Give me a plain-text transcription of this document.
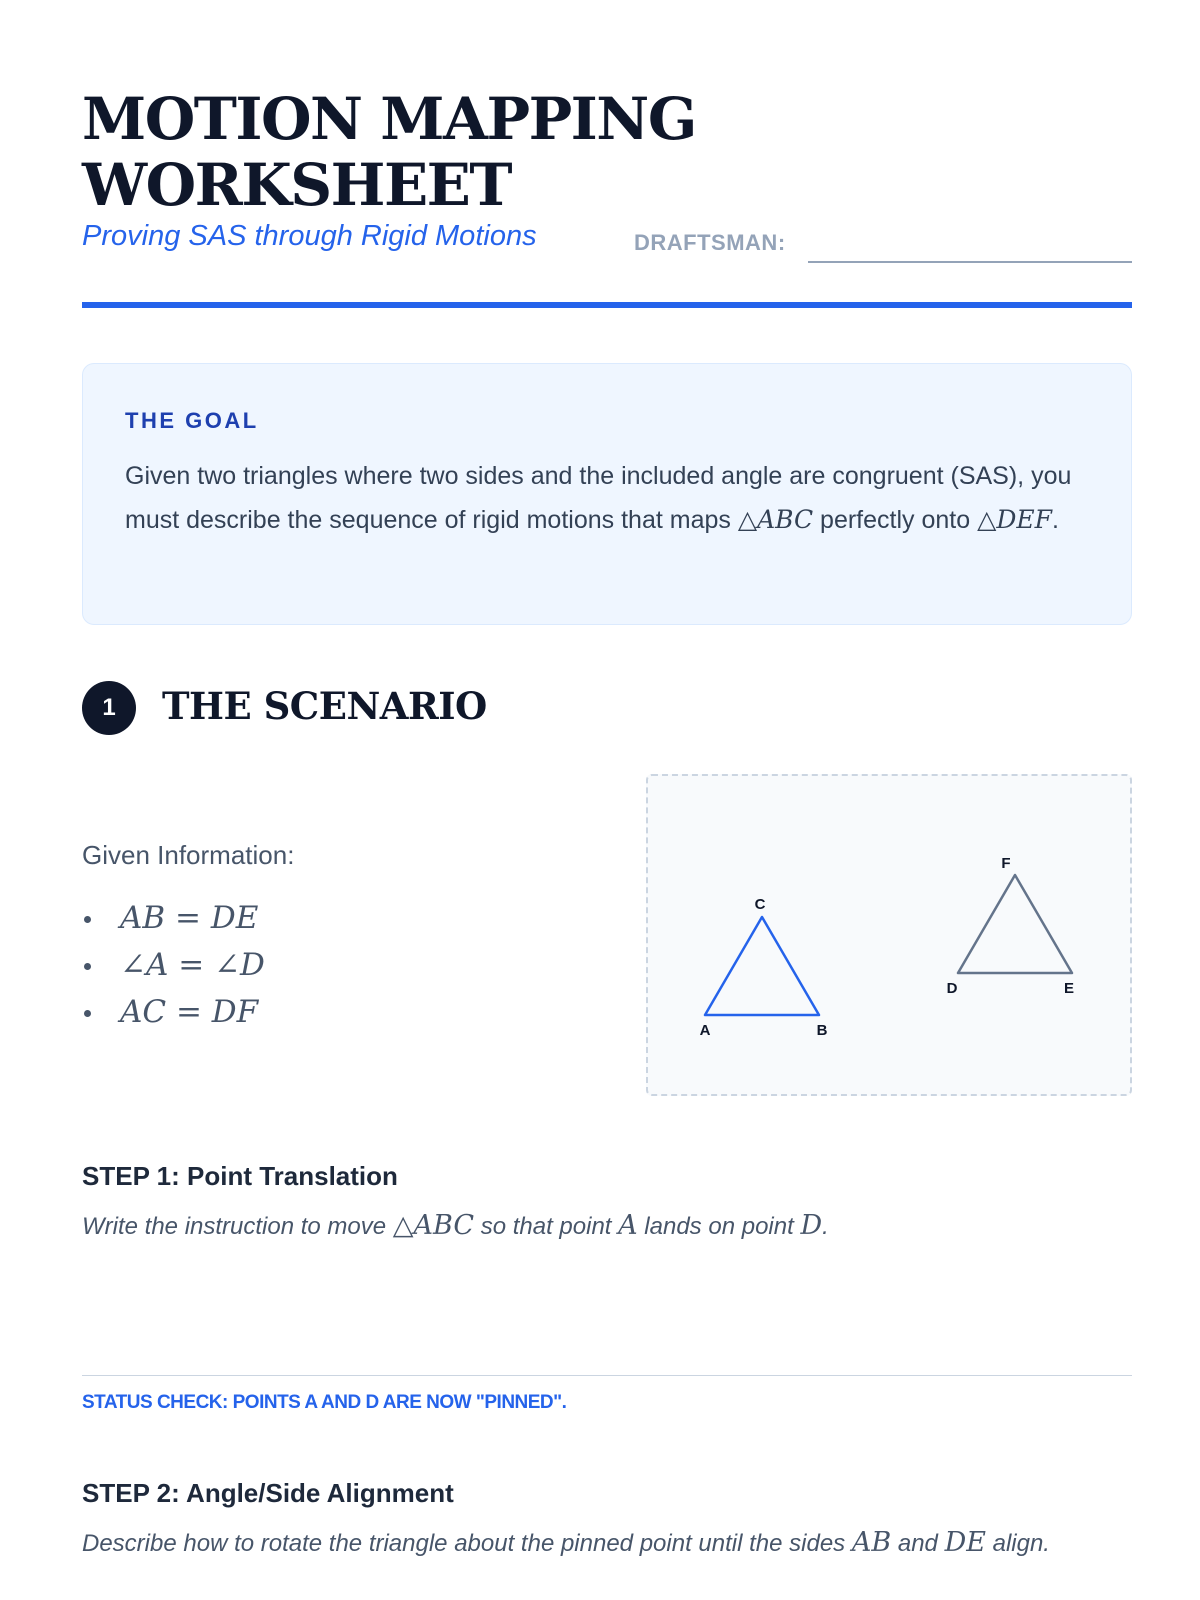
MOTION MAPPING
WORKSHEET
Proving SAS through Rigid Motions	DRAFTSMAN:
THE GOAL
Given two triangles where two sides and the included angle are congruent (SAS), you must describe the sequence of rigid motions that maps △ABC perfectly onto △DEF.
1	THE SCENARIO
Given Information:
AB = DE
∠A = ∠D
AC = DF
A	B
C
D	E
F
STEP 1: Point Translation
Write the instruction to move △ABC so that point A lands on point D.
STATUS CHECK: POINTS A AND D ARE NOW "PINNED".
STEP 2: Angle/Side Alignment
Describe how to rotate the triangle about the pinned point until the sides AB and DE align.
